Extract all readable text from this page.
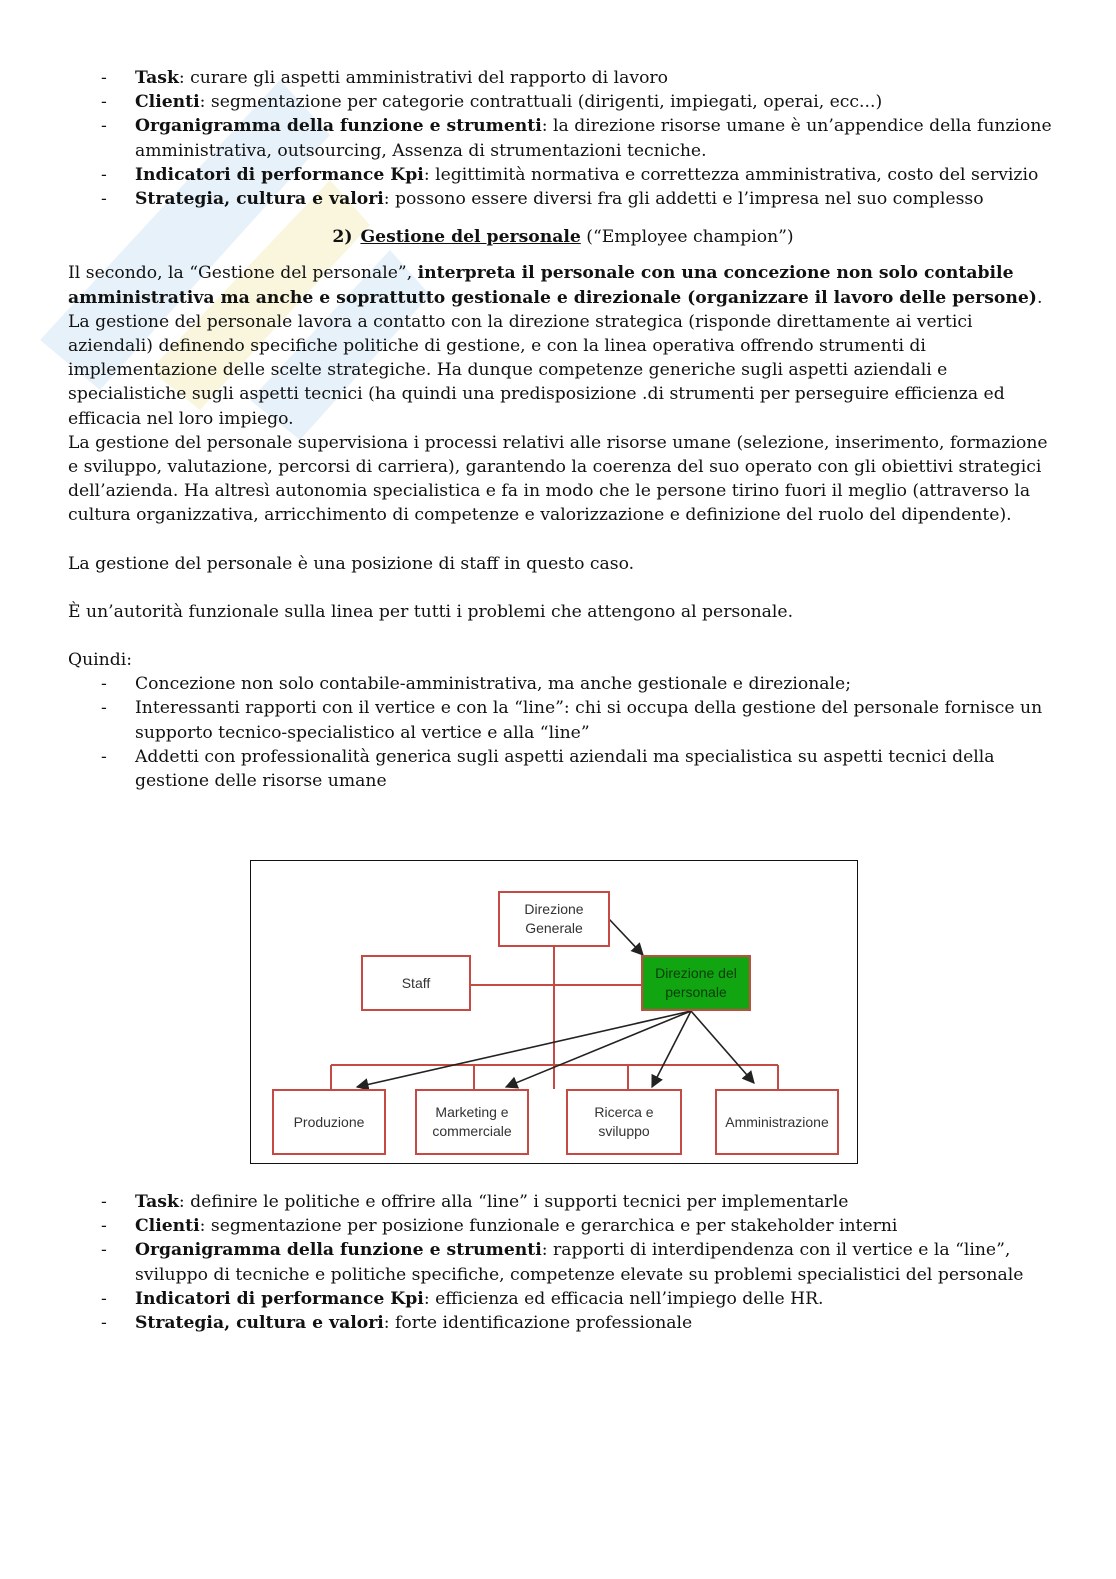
- Task: curare gli aspetti amministrativi del rapporto di lavoro
- Clienti: segmentazione per categorie contrattuali (dirigenti, impiegati, operai, ecc...)
- Organigramma della funzione e strumenti: la direzione risorse umane è un’appendice della funzione amministrativa, outsourcing, Assenza di strumentazioni tecniche.
- Indicatori di performance Kpi: legittimità normativa e correttezza amministrativa, costo del servizio
- Strategia, cultura e valori: possono essere diversi fra gli addetti e l’impresa nel suo complesso
2) Gestione del personale (“Employee champion”)

Il secondo, la “Gestione del personale”, interpreta il personale con una concezione non solo contabile amministrativa ma anche e soprattutto gestionale e direzionale (organizzare il lavoro delle persone).

La gestione del personale lavora a contatto con la direzione strategica (risponde direttamente ai vertici aziendali) definendo specifiche politiche di gestione, e con la linea operativa offrendo strumenti di implementazione delle scelte strategiche. Ha dunque competenze generiche sugli aspetti aziendali e specialistiche sugli aspetti tecnici (ha quindi una predisposizione .di strumenti per perseguire efficienza ed efficacia nel loro impiego.

La gestione del personale supervisiona i processi relativi alle risorse umane (selezione, inserimento, formazione e sviluppo, valutazione, percorsi di carriera), garantendo la coerenza del suo operato con gli obiettivi strategici dell’azienda. Ha altresì autonomia specialistica e fa in modo che le persone tirino fuori il meglio (attraverso la cultura organizzativa, arricchimento di competenze e valorizzazione e definizione del ruolo del dipendente).

La gestione del personale è una posizione di staff in questo caso.

È un’autorità funzionale sulla linea per tutti i problemi che attengono al personale.

Quindi:

- Concezione non solo contabile-amministrativa, ma anche gestionale e direzionale;
- Interessanti rapporti con il vertice e con la “line”: chi si occupa della gestione del personale fornisce un supporto tecnico-specialistico al vertice e alla “line”
- Addetti con professionalità generica sugli aspetti aziendali ma specialistica su aspetti tecnici della gestione delle risorse umane
Direzione Generale
Staff
Direzione del personale
Produzione
Marketing e commerciale
Ricerca e sviluppo
Amministrazione
- Task: definire le politiche e offrire alla “line” i supporti tecnici per implementarle
- Clienti: segmentazione per posizione funzionale e gerarchica e per stakeholder interni
- Organigramma della funzione e strumenti: rapporti di interdipendenza con il vertice e la “line”, sviluppo di tecniche e politiche specifiche, competenze elevate su problemi specialistici del personale
- Indicatori di performance Kpi: efficienza ed efficacia nell’impiego delle HR.
- Strategia, cultura e valori: forte identificazione professionale
